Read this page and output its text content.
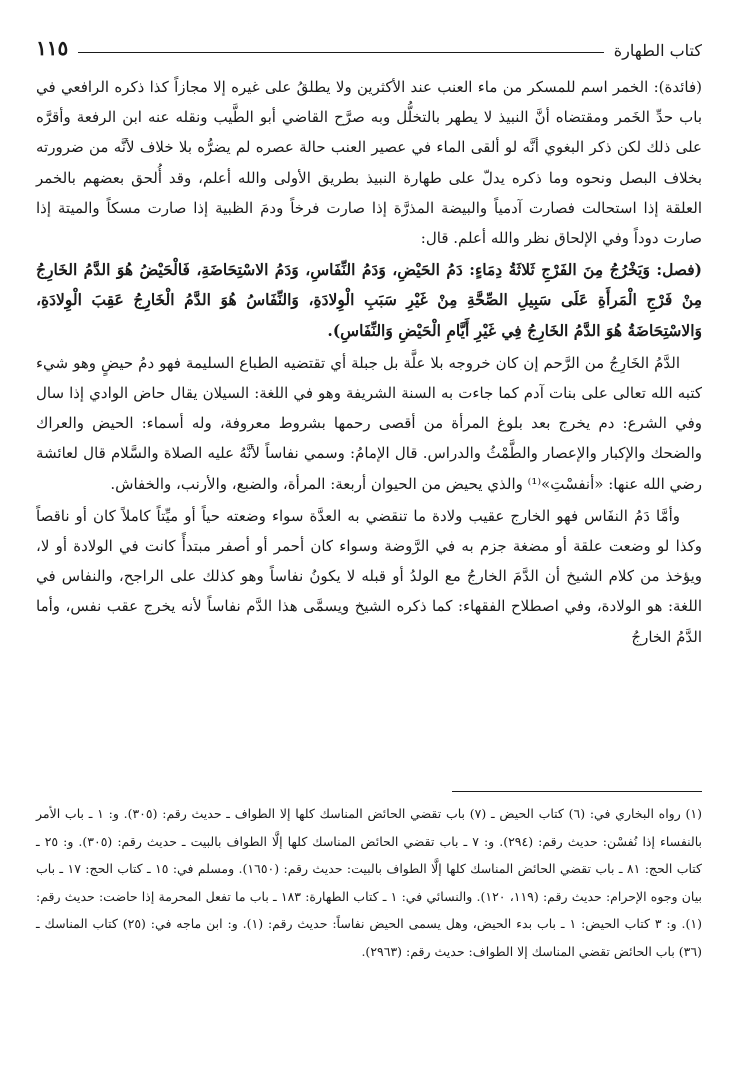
كتاب الطهارة
١١٥

(فائدة): الخمر اسم للمسكر من ماء العنب عند الأكثرين ولا يطلقُ على غيره إلا مجازاً كذا ذكره الرافعي في باب حدِّ الخَمر ومقتضاه أنَّ النبيذ لا يطهر بالتخلُّل وبه صرَّح القاضي أبو الطَّيب ونقله عنه ابن الرفعة وأقرَّه على ذلك لكن ذكر البغوي أنَّه لو ألقى الماء في عصير العنب حالة عصره لم يضرُّه بلا خلاف لأنَّه من ضرورته بخلاف البصل ونحوه وما ذكره يدلّ على طهارة النبيذ بطريق الأولى والله أعلم، وقد أُلحق بعضهم بالخمر العلقة إذا استحالت فصارت آدمياً والبيضة المذرَّة إذا صارت فرخاً ودمَ الظبية إذا صارت مسكاً والميتة إذا صارت دوداً وفي الإلحاق نظر والله أعلم. قال:

(فصل: وَيَخْرُجُ مِنَ الفَرْجِ ثَلاثَةُ دِمَاءٍ: دَمُ الحَيْضِ، وَدَمُ النِّفَاسِ، وَدَمُ الاسْتِحَاضَةِ، فَالْحَيْضُ هُوَ الدَّمُ الخَارِجُ مِنْ فَرْجِ الْمَرأَةِ عَلَى سَبِيلِ الصِّحَّةِ مِنْ غَيْرِ سَبَبِ الْوِلادَةِ، وَالنِّفَاسُ هُوَ الدَّمُ الْخَارِجُ عَقِبَ الْوِلادَةِ، وَالاسْتِحَاضَةُ هُوَ الدَّمُ الخَارِجُ فِي غَيْرِ أَيَّامِ الْحَيْضِ وَالنِّفَاسِ).

الدَّمُ الخَارِجُ من الرَّحم إن كان خروجه بلا علَّة بل جبلة أي تقتضيه الطباع السليمة فهو دمُ حيضٍ وهو شيء كتبه الله تعالى على بنات آدم كما جاءت به السنة الشريفة وهو في اللغة: السيلان يقال حاض الوادي إذا سال وفي الشرع: دم يخرج بعد بلوغ المرأة من أقصى رحمها بشروط معروفة، وله أسماء: الحيض والعراك والضحك والإكبار والإعصار والطَّمْثُ والدراس. قال الإمامُ: وسمي نفاساً لأنَّهُ عليه الصلاة والسَّلام قال لعائشة رضي الله عنها: «أنفسْتِ»⁽¹⁾ والذي يحيض من الحيوان أربعة: المرأة، والضبع، والأرنب، والخفاش.

وأمَّا دَمُ النفَاس فهو الخارج عقيب ولادة ما تنقضي به العدَّة سواء وضعته حياً أو ميِّتاً كاملاً كان أو ناقصاً وكذا لو وضعت علقة أو مضغة جزم به في الرَّوضة وسواء كان أحمر أو أصفر مبتدأً كانت في الولادة أو لا، ويؤخذ من كلام الشيخ أن الدَّمَ الخارجُ مع الولدُ أو قبله لا يكونُ نفاساً وهو كذلك على الراجح، والنفاس في اللغة: هو الولادة، وفي اصطلاح الفقهاء: كما ذكره الشيخ ويسمَّى هذا الدَّم نفاساً لأنه يخرج عقب نفس، وأما الدَّمُ الخارجُ

(١) رواه البخاري في: (٦) كتاب الحيض ـ (٧) باب تقضي الحائض المناسك كلها إلا الطواف ـ حديث رقم: (٣٠٥). و: ١ ـ باب الأمر بالنفساء إذا نُفسْن: حديث رقم: (٢٩٤). و: ٧ ـ باب تقضي الحائض المناسك كلها إلَّا الطواف بالبيت ـ حديث رقم: (٣٠٥). و: ٢٥ ـ كتاب الحج: ٨١ ـ باب تقضي الحائض المناسك كلها إلَّا الطواف بالبيت: حديث رقم: (١٦٥٠). ومسلم في: ١٥ ـ كتاب الحج: ١٧ ـ باب بيان وجوه الإحرام: حديث رقم: (١١٩، ١٢٠). والنسائي في: ١ ـ كتاب الطهارة: ١٨٣ ـ باب ما تفعل المحرمة إذا حاضت: حديث رقم: (١). و: ٣ كتاب الحيض: ١ ـ باب بدء الحيض، وهل يسمى الحيض نفاساً: حديث رقم: (١). و: ابن ماجه في: (٢٥) كتاب المناسك ـ (٣٦) باب الحائض تقضي المناسك إلا الطواف: حديث رقم: (٢٩٦٣).
